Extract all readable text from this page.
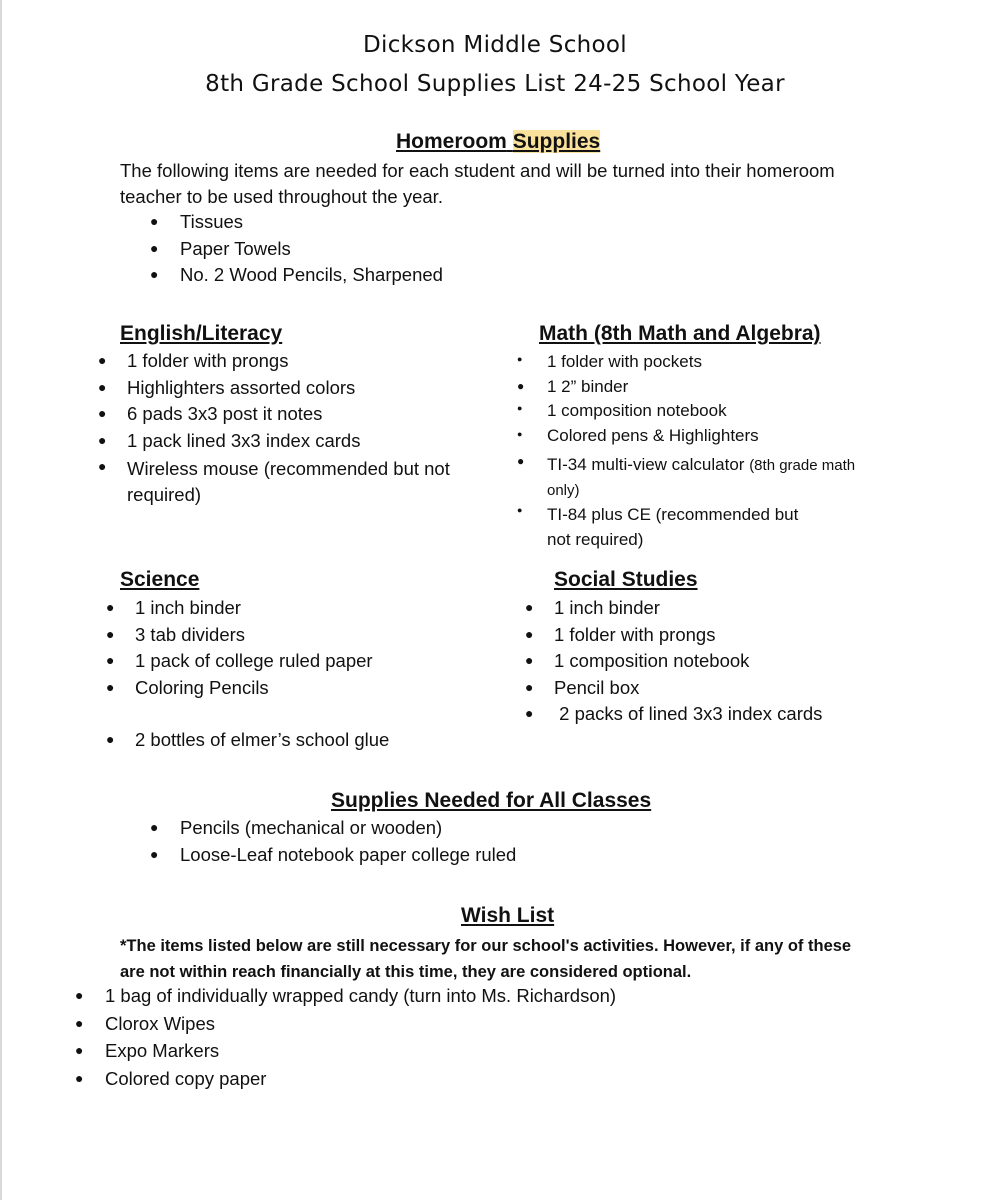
Dickson Middle School
8th Grade School Supplies List 24-25 School Year
Homeroom Supplies
The following items are needed for each student and will be turned into their homeroom
teacher to be used throughout the year.
● Tissues
● Paper Towels
● No. 2 Wood Pencils, Sharpened
English/Literacy
● 1 folder with prongs
● Highlighters assorted colors
● 6 pads 3x3 post it notes
● 1 pack lined 3x3 index cards
● Wireless mouse (recommended but not
required)
Math (8th Math and Algebra)
● 1 folder with pockets
● 1 2” binder
● 1 composition notebook
● Colored pens & Highlighters
● TI-34 multi-view calculator (8th grade math
only)
● TI-84 plus CE (recommended but
not required)
Science
● 1 inch binder
● 3 tab dividers
● 1 pack of college ruled paper
● Coloring Pencils
● 2 bottles of elmer’s school glue
Social Studies
● 1 inch binder
● 1 folder with prongs
● 1 composition notebook
● Pencil box
● 2 packs of lined 3x3 index cards
Supplies Needed for All Classes
● Pencils (mechanical or wooden)
● Loose-Leaf notebook paper college ruled
Wish List
*The items listed below are still necessary for our school's activities. However, if any of these
are not within reach financially at this time, they are considered optional.
● 1 bag of individually wrapped candy (turn into Ms. Richardson)
● Clorox Wipes
● Expo Markers
● Colored copy paper
